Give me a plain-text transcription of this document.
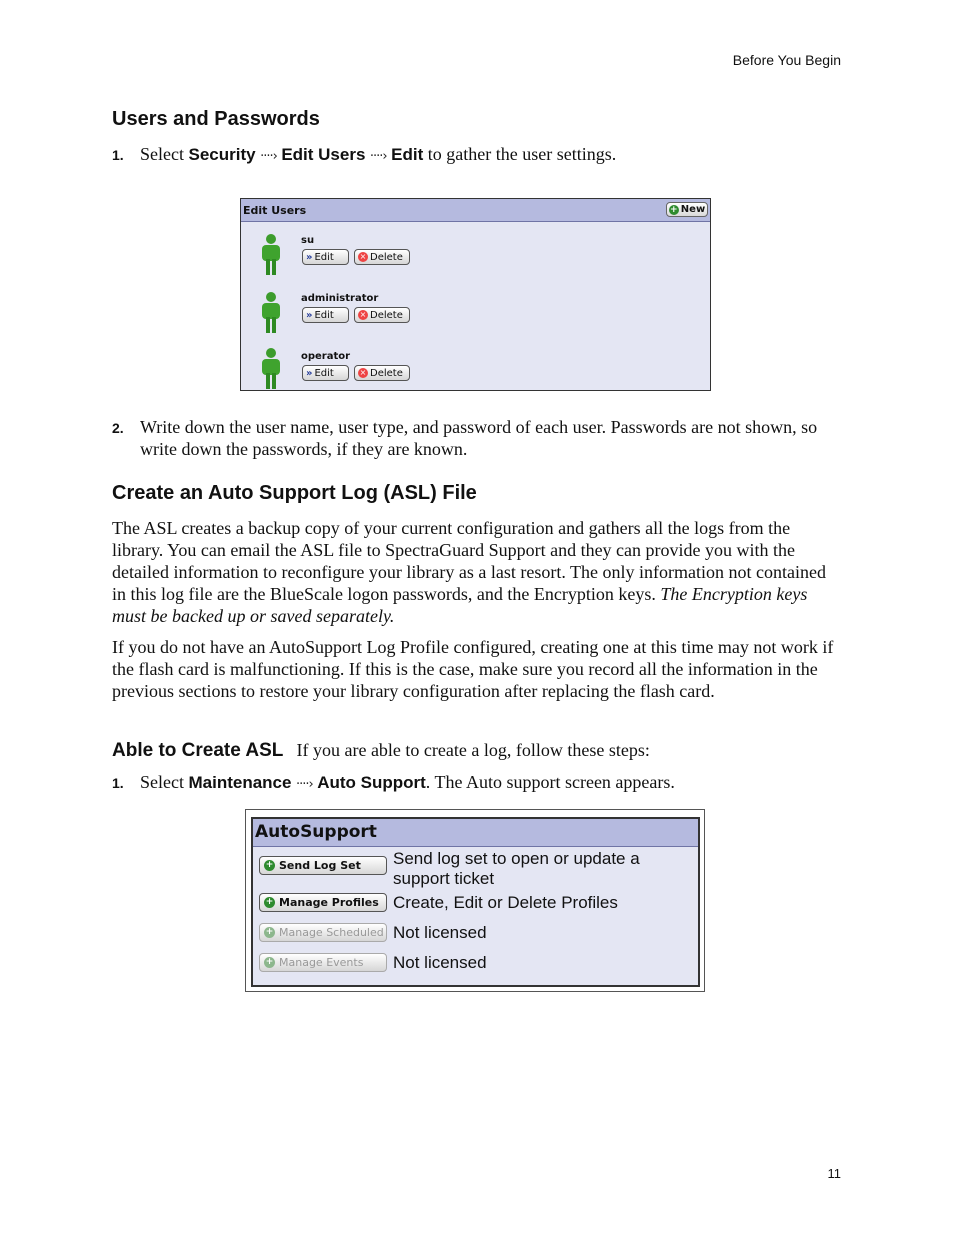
Before You Begin
Users and Passwords
1. Select Security ····› Edit Users ····› Edit to gather the user settings.
Edit Users	+ New
su
» Edit	× Delete
administrator
» Edit	× Delete
operator
» Edit	× Delete
2. Write down the user name, user type, and password of each user. Passwords are not shown, so write down the passwords, if they are known.
Create an Auto Support Log (ASL) File
The ASL creates a backup copy of your current configuration and gathers all the logs from the library. You can email the ASL file to SpectraGuard Support and they can provide you with the detailed information to reconfigure your library as a last resort. The only information not contained in this log file are the BlueScale logon passwords, and the Encryption keys. The Encryption keys must be backed up or saved separately.
If you do not have an AutoSupport Log Profile configured, creating one at this time may not work if the flash card is malfunctioning. If this is the case, make sure you record all the information in the previous sections to restore your library configuration after replacing the flash card.
Able to Create ASL If you are able to create a log, follow these steps:
1. Select Maintenance ····› Auto Support. The Auto support screen appears.
AutoSupport
+ Send Log Set Send log set to open or update a support ticket
+ Manage Profiles Create, Edit or Delete Profiles
+ Manage Scheduled Not licensed
+ Manage Events Not licensed
11
